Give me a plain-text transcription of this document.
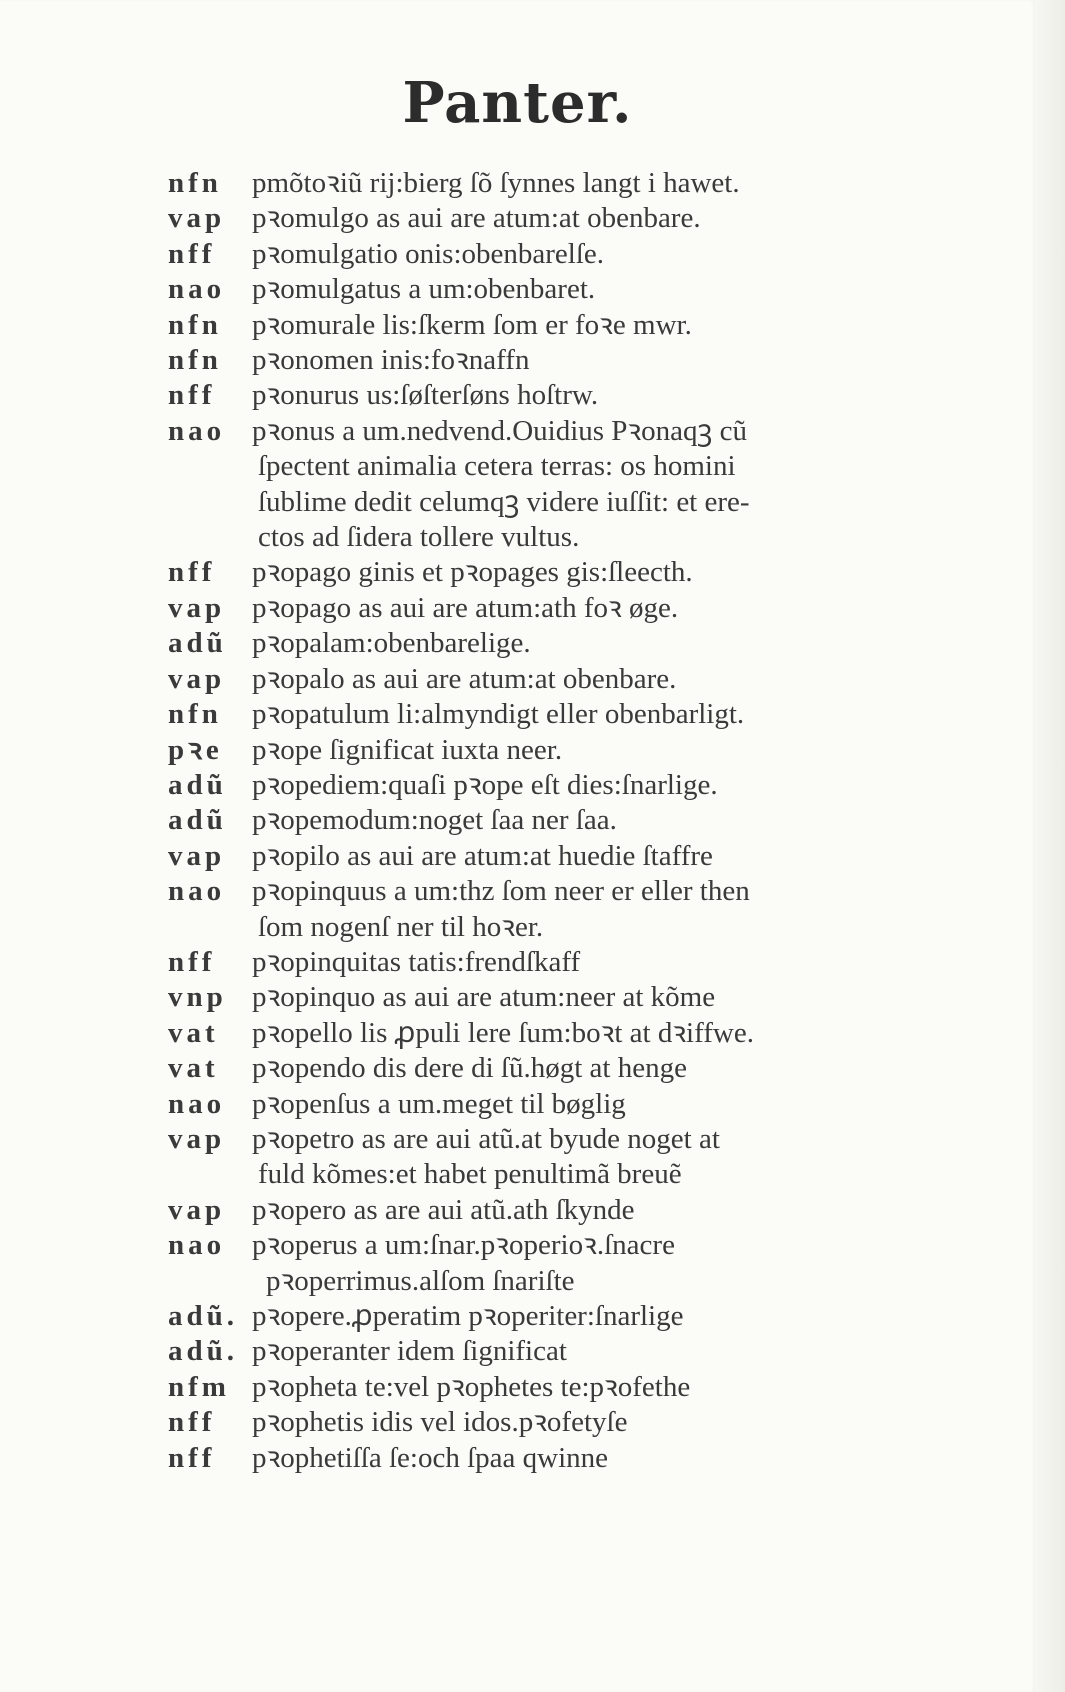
Panter.
nfn	pmõtoꝛiũ rij:bierg ſõ ſynnes langt i hawet.
vap pꝛomulgo as aui are atum:at obenbare.
nff	pꝛomulgatio onis:obenbarelſe.
nao pꝛomulgatus a um:obenbaret.
nfn	pꝛomurale lis:ſkerm ſom er foꝛe mwr.
nfn	pꝛonomen inis:foꝛnaffn
nff	pꝛonurus us:ſøſterſøns hoſtrw.
nao pꝛonus a um.nedvend.Ouidius Pꝛonaqꝫ cũ
ſpectent animalia cetera terras: os homini
ſublime dedit celumqꝫ videre iuſſit: et ere-
ctos ad ſidera tollere vultus.
nff	pꝛopago ginis et pꝛopages gis:ſleecth.
vap pꝛopago as aui are atum:ath foꝛ øge.
adũ pꝛopalam:obenbarelige.
vap pꝛopalo as aui are atum:at obenbare.
nfn	pꝛopatulum li:almyndigt eller obenbarligt.
pꝛe	pꝛope ſignificat iuxta neer.
adũ pꝛopediem:quaſi pꝛope eſt dies:ſnarlige.
adũ pꝛopemodum:noget ſaa ner ſaa.
vap pꝛopilo as aui are atum:at huedie ſtaffre
nao pꝛopinquus a um:thz ſom neer er eller then
ſom nogenſ ner til hoꝛer.
nff	pꝛopinquitas tatis:frendſkaff
vnp pꝛopinquo as aui are atum:neer at kõme
vat	pꝛopello lis ꝓpuli lere ſum:boꝛt at dꝛiffwe.
vat	pꝛopendo dis dere di ſũ.høgt at henge
nao pꝛopenſus a um.meget til bøglig
vap pꝛopetro as are aui atũ.at byude noget at
fuld kõmes:et habet penultimã breuẽ
vap pꝛopero as are aui atũ.ath ſkynde
nao pꝛoperus a um:ſnar.pꝛoperioꝛ.ſnacre
pꝛoperrimus.alſom ſnariſte
adũ. pꝛopere.ꝓperatim pꝛoperiter:ſnarlige
adũ. pꝛoperanter idem ſignificat
nfm pꝛopheta te:vel pꝛophetes te:pꝛofethe
nff	pꝛophetis idis vel idos.pꝛofetyſe
nff	pꝛophetiſſa ſe:och ſpaa qwinne
